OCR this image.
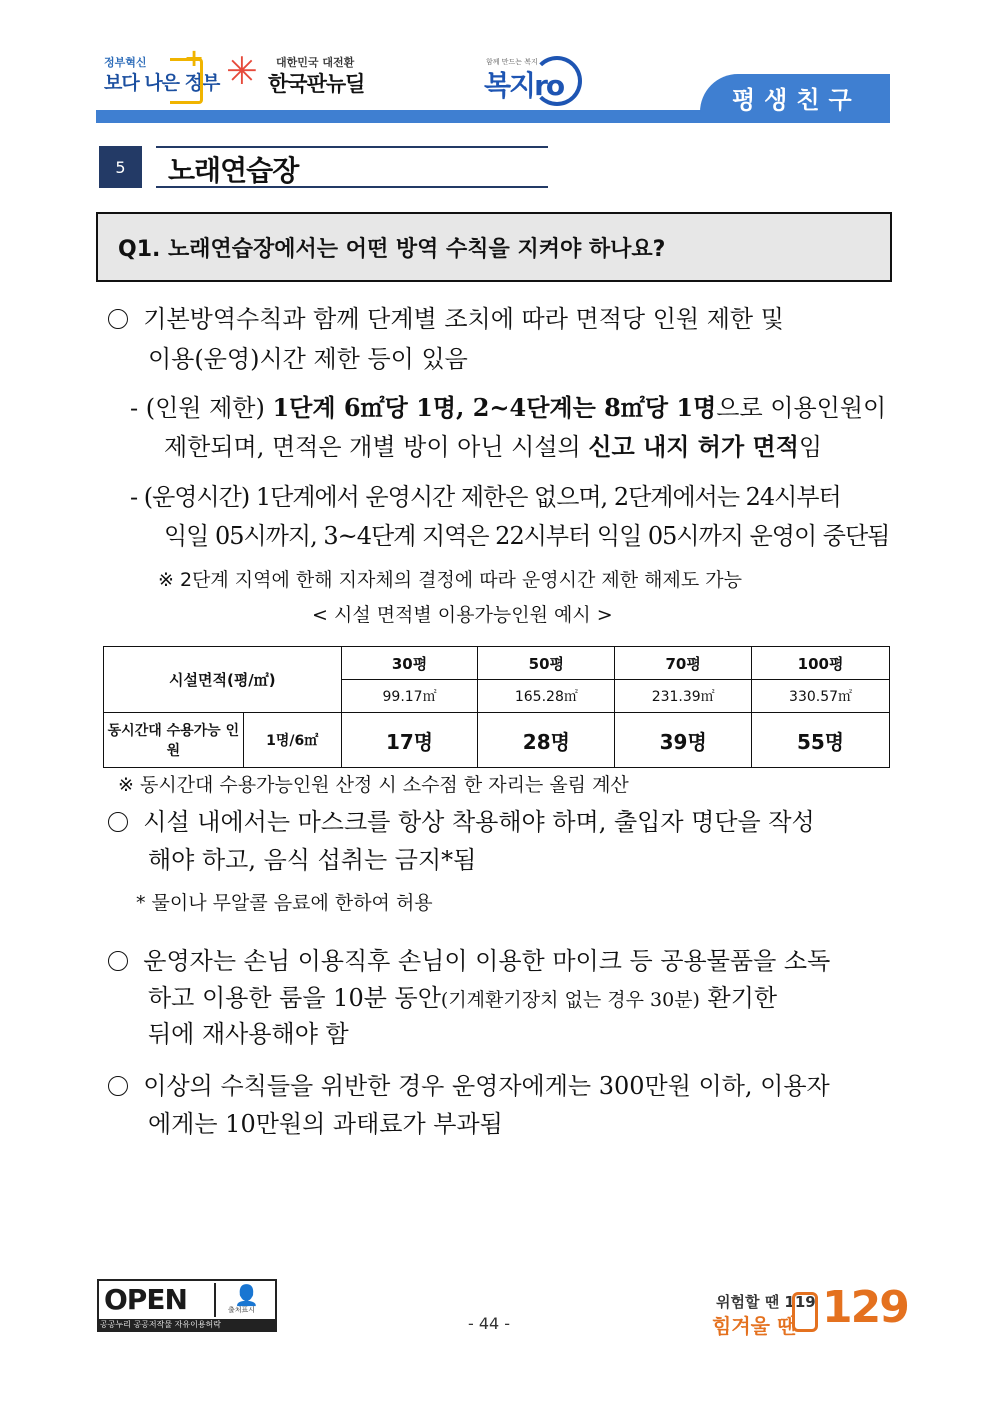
정부혁신
보다 나은 정부
+ ✳ 대한민국 대전환
한국판뉴딜
함께 만드는 복지
복지ro	평생친구
5	노래연습장
Q1. 노래연습장에서는 어떤 방역 수칙을 지켜야 하나요?
기본방역수칙과 함께 단계별 조치에 따라 면적당 인원 제한 및
이용(운영)시간 제한 등이 있음
- (인원 제한) 1단계 6㎡당 1명, 2~4단계는 8㎡당 1명으로 이용인원이
제한되며, 면적은 개별 방이 아닌 시설의 신고 내지 허가 면적임
- (운영시간) 1단계에서 운영시간 제한은 없으며, 2단계에서는 24시부터
익일 05시까지, 3~4단계 지역은 22시부터 익일 05시까지 운영이 중단됨
※ 2단계 지역에 한해 지자체의 결정에 따라 운영시간 제한 해제도 가능
< 시설 면적별 이용가능인원 예시 >
시설면적(평/㎡)		30평	50평	70평	100평
		99.17㎡	165.28㎡	231.39㎡	330.57㎡
동시간대 수용가능 인원	1명/6㎡	17명	28명	39명	55명
※ 동시간대 수용가능인원 산정 시 소수점 한 자리는 올림 계산
시설 내에서는 마스크를 항상 착용해야 하며, 출입자 명단을 작성
해야 하고, 음식 섭취는 금지*됨
* 물이나 무알콜 음료에 한하여 허용
운영자는 손님 이용직후 손님이 이용한 마이크 등 공용물품을 소독
하고 이용한 룸을 10분 동안(기계환기장치 없는 경우 30분) 환기한
뒤에 재사용해야 함
이상의 수칙들을 위반한 경우 운영자에게는 300만원 이하, 이용자
에게는 10만원의 과태료가 부과됨
OPEN 👤
출처표시
공공누리 공공저작물 자유이용허락	- 44 -
위험할 땐 119
힘겨울 땐 129
